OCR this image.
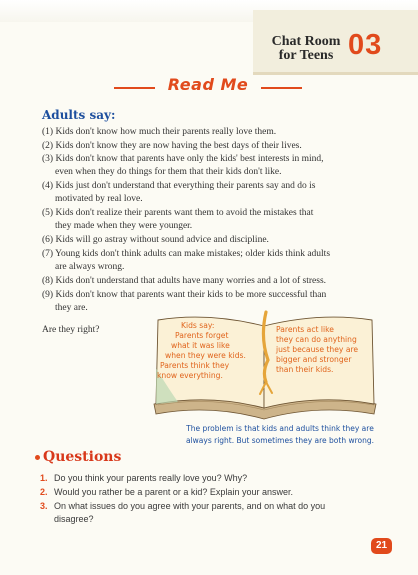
Chat Room
for Teens 03
Read Me
Adults say:
(1) Kids don't know how much their parents really love them.
(2) Kids don't know they are now having the best days of their lives.
(3) Kids don't know that parents have only the kids' best interests in mind,
even when they do things for them that their kids don't like.
(4) Kids just don't understand that everything their parents say and do is
motivated by real love.
(5) Kids don't realize their parents want them to avoid the mistakes that
they made when they were younger.
(6) Kids will go astray without sound advice and discipline.
(7) Young kids don't think adults can make mistakes; older kids think adults
are always wrong.
(8) Kids don't understand that adults have many worries and a lot of stress.
(9) Kids don't know that parents want their kids to be more successful than
they are.
Are they right?	Kids say:
Parents forget
what it was like
when they were kids.
Parents think they
know everything.
Parents act like
they can do anything
just because they are
bigger and stronger
than their kids.
The problem is that kids and adults think they are
always right. But sometimes they are both wrong.
Questions
1. Do you think your parents really love you? Why?
2. Would you rather be a parent or a kid? Explain your answer.
3. On what issues do you agree with your parents, and on what do you
disagree?
21
